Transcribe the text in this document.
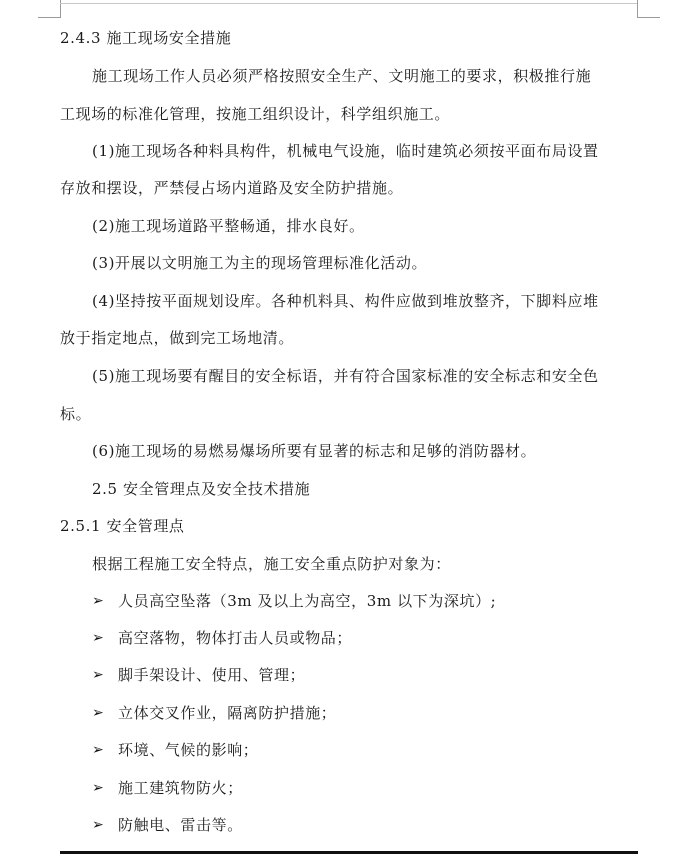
2.4.3 施工现场安全措施
施工现场工作人员必须严格按照安全生产、文明施工的要求，积极推行施
工现场的标准化管理，按施工组织设计，科学组织施工。
(1)施工现场各种料具构件，机械电气设施，临时建筑必须按平面布局设置
存放和摆设，严禁侵占场内道路及安全防护措施。
(2)施工现场道路平整畅通，排水良好。
(3)开展以文明施工为主的现场管理标准化活动。
(4)坚持按平面规划设库。各种机料具、构件应做到堆放整齐，下脚料应堆
放于指定地点，做到完工场地清。
(5)施工现场要有醒目的安全标语，并有符合国家标准的安全标志和安全色
标。
(6)施工现场的易燃易爆场所要有显著的标志和足够的消防器材。
2.5 安全管理点及安全技术措施
2.5.1 安全管理点
根据工程施工安全特点，施工安全重点防护对象为：
➢ 人员高空坠落（3m 及以上为高空，3m 以下为深坑）;
➢ 高空落物，物体打击人员或物品；
➢ 脚手架设计、使用、管理；
➢ 立体交叉作业，隔离防护措施；
➢ 环境、气候的影响；
➢ 施工建筑物防火；
➢ 防触电、雷击等。
